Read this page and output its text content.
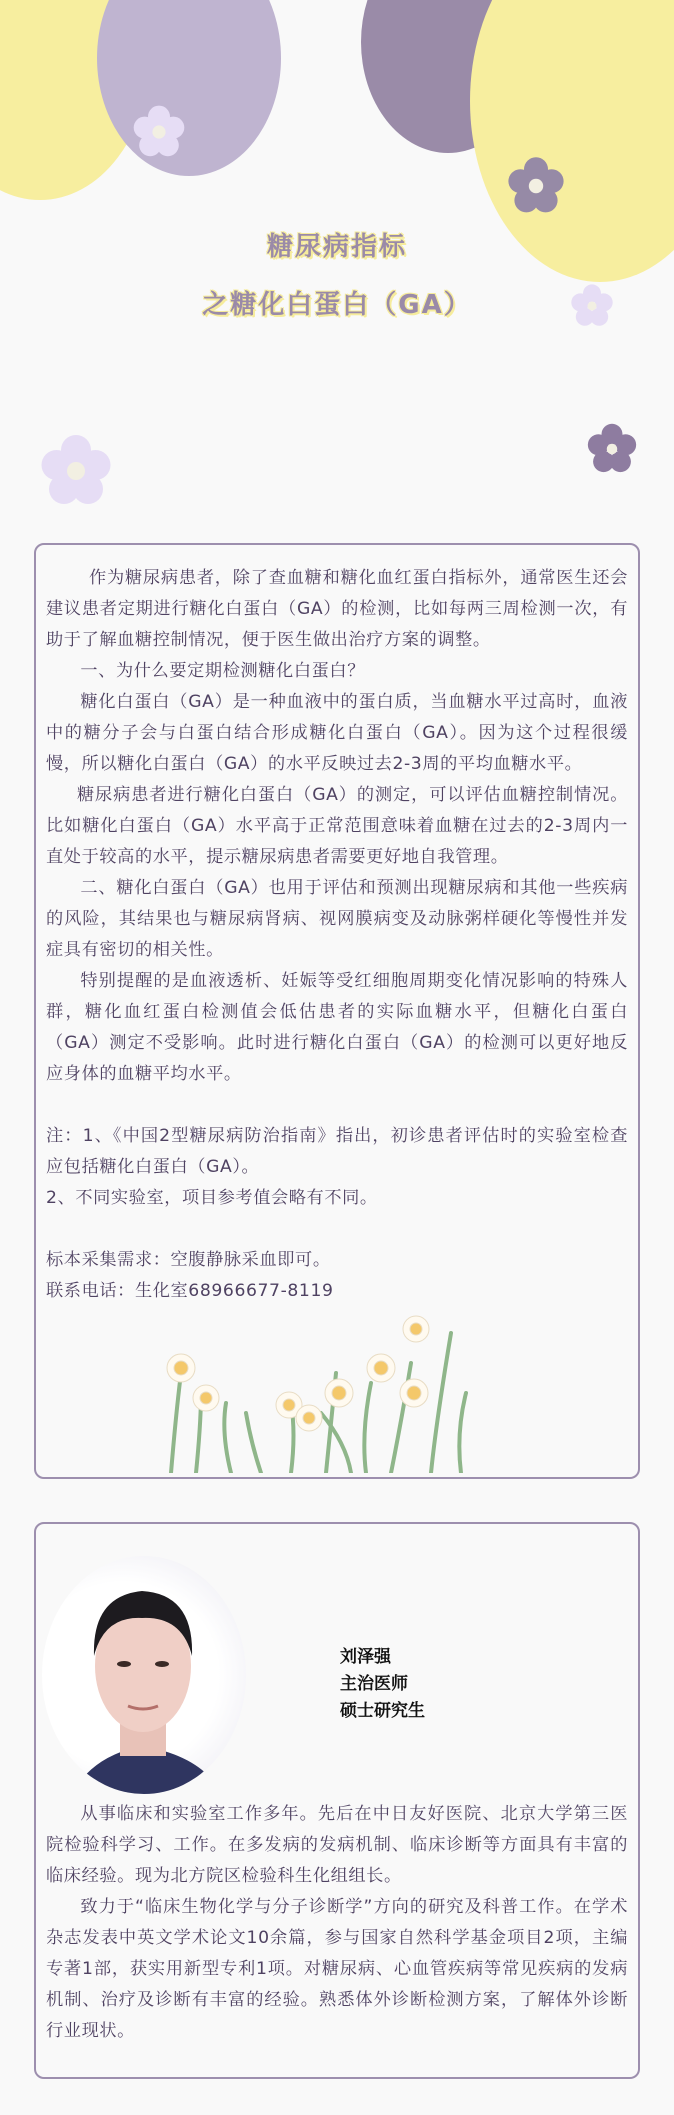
糖尿病指标
之糖化白蛋白（GA）

作为糖尿病患者，除了查血糖和糖化血红蛋白指标外，通常医生还会建议患者定期进行糖化白蛋白（GA）的检测，比如每两三周检测一次，有助于了解血糖控制情况，便于医生做出治疗方案的调整。

一、为什么要定期检测糖化白蛋白？

糖化白蛋白（GA）是一种血液中的蛋白质，当血糖水平过高时，血液中的糖分子会与白蛋白结合形成糖化白蛋白（GA）。因为这个过程很缓慢，所以糖化白蛋白（GA）的水平反映过去2-3周的平均血糖水平。

糖尿病患者进行糖化白蛋白（GA）的测定，可以评估血糖控制情况。比如糖化白蛋白（GA）水平高于正常范围意味着血糖在过去的2-3周内一直处于较高的水平，提示糖尿病患者需要更好地自我管理。

二、糖化白蛋白（GA）也用于评估和预测出现糖尿病和其他一些疾病的风险，其结果也与糖尿病肾病、视网膜病变及动脉粥样硬化等慢性并发症具有密切的相关性。

特别提醒的是血液透析、妊娠等受红细胞周期变化情况影响的特殊人群，糖化血红蛋白检测值会低估患者的实际血糖水平，但糖化白蛋白（GA）测定不受影响。此时进行糖化白蛋白（GA）的检测可以更好地反应身体的血糖平均水平。

注：1、《中国2型糖尿病防治指南》指出，初诊患者评估时的实验室检查应包括糖化白蛋白（GA）。

2、不同实验室，项目参考值会略有不同。

标本采集需求：空腹静脉采血即可。

联系电话：生化室68966677-8119

刘泽强
主治医师
硕士研究生

从事临床和实验室工作多年。先后在中日友好医院、北京大学第三医院检验科学习、工作。在多发病的发病机制、临床诊断等方面具有丰富的临床经验。现为北方院区检验科生化组组长。

致力于“临床生物化学与分子诊断学”方向的研究及科普工作。在学术杂志发表中英文学术论文10余篇，参与国家自然科学基金项目2项，主编专著1部，获实用新型专利1项。对糖尿病、心血管疾病等常见疾病的发病机制、治疗及诊断有丰富的经验。熟悉体外诊断检测方案，了解体外诊断行业现状。
